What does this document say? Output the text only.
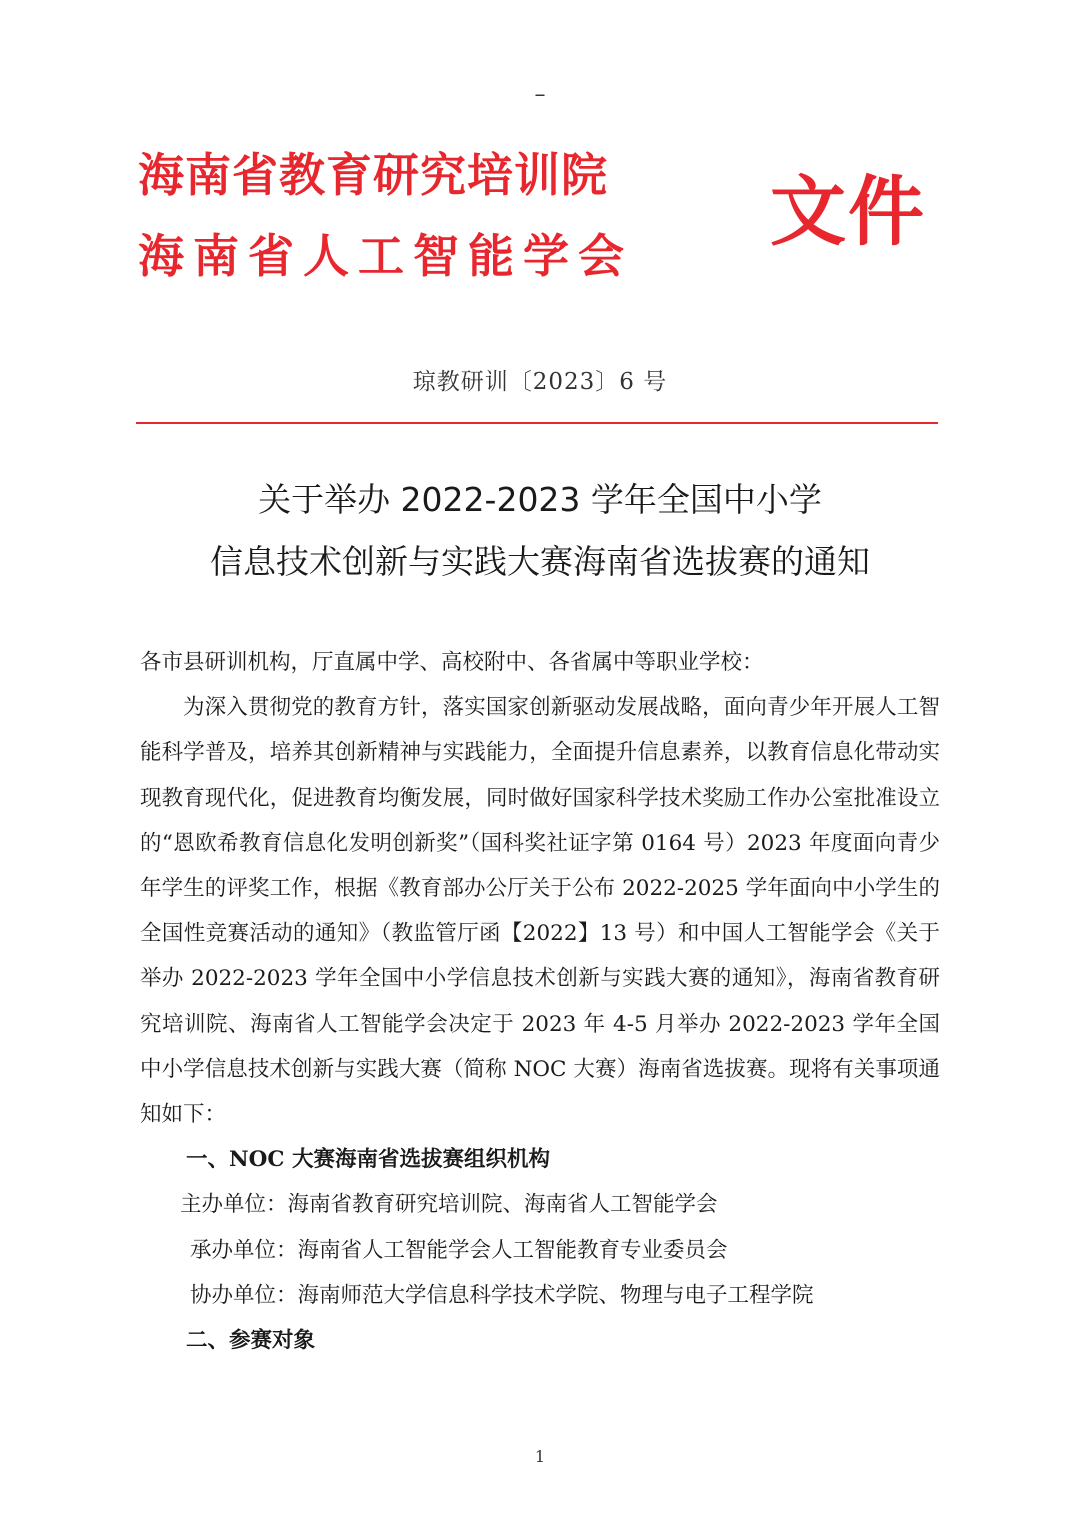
–
海南省教育研究培训院
海南省人工智能学会 文件
琼教研训〔2023〕6 号
关于举办 2022-2023 学年全国中小学
信息技术创新与实践大赛海南省选拔赛的通知

各市县研训机构，厅直属中学、高校附中、各省属中等职业学校：

为深入贯彻党的教育方针，落实国家创新驱动发展战略，面向青少年开展人工智能科学普及，培养其创新精神与实践能力，全面提升信息素养，以教育信息化带动实现教育现代化，促进教育均衡发展，同时做好国家科学技术奖励工作办公室批准设立的“恩欧希教育信息化发明创新奖”（国科奖社证字第 0164 号）2023 年度面向青少年学生的评奖工作，根据《教育部办公厅关于公布 2022-2025 学年面向中小学生的全国性竞赛活动的通知》（教监管厅函【2022】13 号）和中国人工智能学会《关于举办 2022-2023 学年全国中小学信息技术创新与实践大赛的通知》，海南省教育研究培训院、海南省人工智能学会决定于 2023 年 4-5 月举办 2022-2023 学年全国中小学信息技术创新与实践大赛（简称 NOC 大赛）海南省选拔赛。现将有关事项通知如下：

一、NOC 大赛海南省选拔赛组织机构

主办单位：海南省教育研究培训院、海南省人工智能学会

承办单位：海南省人工智能学会人工智能教育专业委员会

协办单位：海南师范大学信息科学技术学院、物理与电子工程学院

二、参赛对象

1
